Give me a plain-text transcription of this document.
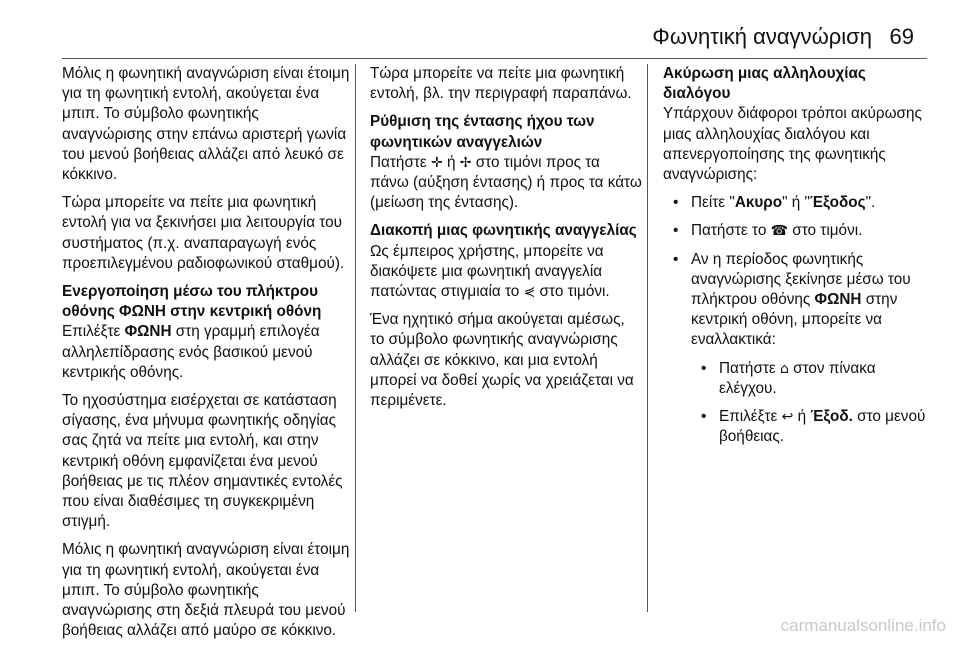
Φωνητική αναγνώριση 69

Μόλις η φωνητική αναγνώριση είναι έτοιμη για τη φωνητική εντολή, ακούγεται ένα μπιπ. Το σύμβολο φωνητικής αναγνώρισης στην επάνω αριστερή γωνία του μενού βοήθειας αλλάζει από λευκό σε κόκκινο.

Τώρα μπορείτε να πείτε μια φωνητική εντολή για να ξεκινήσει μια λειτουργία του συστήματος (π.χ. αναπαραγωγή ενός προεπιλεγμένου ραδιοφωνικού σταθμού).

Ενεργοποίηση μέσω του πλήκτρου οθόνης ΦΩΝΗ στην κεντρική οθόνη

Επιλέξτε ΦΩΝΗ στη γραμμή επιλογέα αλληλεπίδρασης ενός βασικού μενού κεντρικής οθόνης.

Το ηχοσύστημα εισέρχεται σε κατάσταση σίγασης, ένα μήνυμα φωνητικής οδηγίας σας ζητά να πείτε μια εντολή, και στην κεντρική οθόνη εμφανίζεται ένα μενού βοήθειας με τις πλέον σημαντικές εντολές που είναι διαθέσιμες τη συγκεκριμένη στιγμή.

Μόλις η φωνητική αναγνώριση είναι έτοιμη για τη φωνητική εντολή, ακούγεται ένα μπιπ. Το σύμβολο φωνητικής αναγνώρισης στη δεξιά πλευρά του μενού βοήθειας αλλάζει από μαύρο σε κόκκινο.

Τώρα μπορείτε να πείτε μια φωνητική εντολή, βλ. την περιγραφή παραπάνω.

Ρύθμιση της έντασης ήχου των φωνητικών αναγγελιών

Πατήστε ✛ ή ✢ στο τιμόνι προς τα πάνω (αύξηση έντασης) ή προς τα κάτω (μείωση της έντασης).

Διακοπή μιας φωνητικής αναγγελίας

Ως έμπειρος χρήστης, μπορείτε να διακόψετε μια φωνητική αναγγελία πατώντας στιγμιαία το ⋞ στο τιμόνι.

Ένα ηχητικό σήμα ακούγεται αμέσως, το σύμβολο φωνητικής αναγνώρισης αλλάζει σε κόκκινο, και μια εντολή μπορεί να δοθεί χωρίς να χρειάζεται να περιμένετε.

Ακύρωση μιας αλληλουχίας διαλόγου

Υπάρχουν διάφοροι τρόποι ακύρωσης μιας αλληλουχίας διαλόγου και απενεργοποίησης της φωνητικής αναγνώρισης:

• Πείτε "Ακυρο" ή "Έξοδος".
• Πατήστε το ☎ στο τιμόνι.
• Αν η περίοδος φωνητικής αναγνώρισης ξεκίνησε μέσω του πλήκτρου οθόνης ΦΩΝΗ στην κεντρική οθόνη, μπορείτε να εναλλακτικά:
• Πατήστε ⌂ στον πίνακα ελέγχου.
• Επιλέξτε ↩ ή Έξοδ. στο μενού βοήθειας.
carmanualsonline.info
